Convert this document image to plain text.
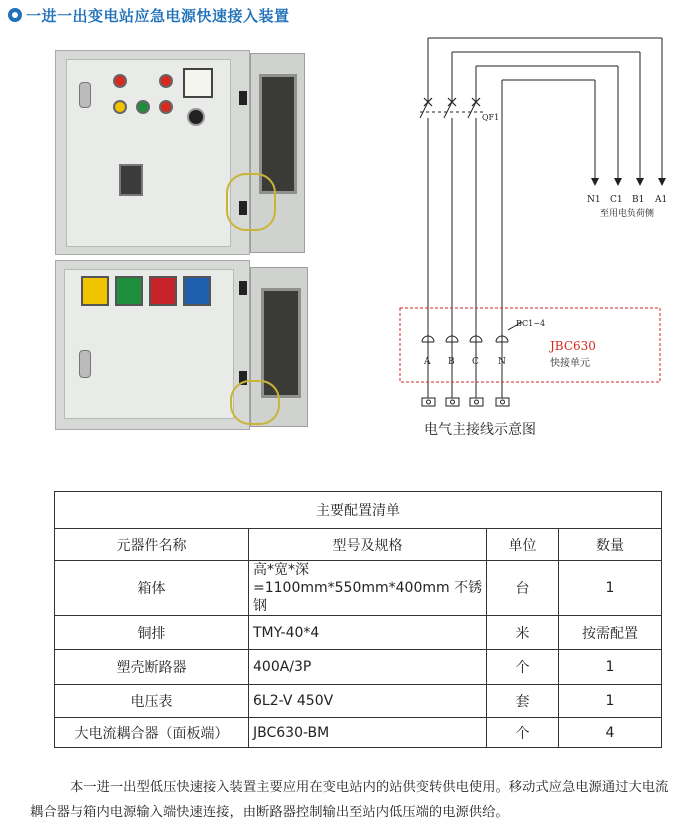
一进一出变电站应急电源快速接入装置
QF1
N1 C1 B1 A1
至用电负荷侧
A B C N
BC1~4
JBC630
快接单元
电气主接线示意图
主要配置清单			
元器件名称	型号及规格	单位	数量
箱体	高*宽*深=1100mm*550mm*400mm 不锈钢	台	1
铜排	TMY-40*4	米	按需配置
塑壳断路器	400A/3P	个	1
电压表	6L2-V 450V	套	1
大电流耦合器（面板端）	JBC630-BM	个	4

本一进一出型低压快速接入装置主要应用在变电站内的站供变转供电使用。移动式应急电源通过大电流耦合器与箱内电源输入端快速连接，由断路器控制输出至站内低压端的电源供给。
